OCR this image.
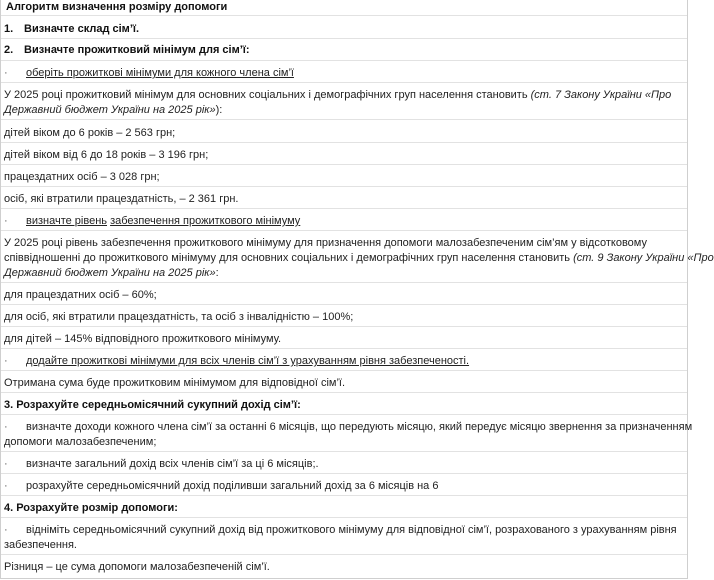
Алгоритм визначення розміру допомоги
1. Визначте склад сім’ї.
2. Визначте прожитковий мінімум для сім’ї:
· оберіть прожиткові мінімуми для кожного члена сім’ї
У 2025 році прожитковий мінімум для основних соціальних і демографічних груп населення становить (ст. 7 Закону України «Про
Державний бюджет України на 2025 рік»):
дітей віком до 6 років – 2 563 грн;
дітей віком від 6 до 18 років – 3 196 грн;
працездатних осіб – 3 028 грн;
осіб, які втратили працездатність, – 2 361 грн.
· визначте рівень забезпечення прожиткового мінімуму
У 2025 році рівень забезпечення прожиткового мінімуму для призначення допомоги малозабезпеченим сім’ям у відсотковому
співвідношенні до прожиткового мінімуму для основних соціальних і демографічних груп населення становить (ст. 9 Закону України «Про
Державний бюджет України на 2025 рік»:
для працездатних осіб – 60%;
для осіб, які втратили працездатність, та осіб з інвалідністю – 100%;
для дітей – 145% відповідного прожиткового мінімуму.
· додайте прожиткові мінімуми для всіх членів сім’ї з урахуванням рівня забезпеченості.
Отримана сума буде прожитковим мінімумом для відповідної сім’ї.
3. Розрахуйте середньомісячний сукупний дохід сім’ї:
· визначте доходи кожного члена сім’ї за останні 6 місяців, що передують місяцю, який передує місяцю звернення за призначенням
допомоги малозабезпеченим;
· визначте загальний дохід всіх членів сім’ї за ці 6 місяців;.
· розрахуйте середньомісячний дохід поділивши загальний дохід за 6 місяців на 6
4. Розрахуйте розмір допомоги:
· відніміть середньомісячний сукупний дохід від прожиткового мінімуму для відповідної сім’ї, розрахованого з урахуванням рівня
забезпечення.
Різниця – це сума допомоги малозабезпеченій сім’ї.
